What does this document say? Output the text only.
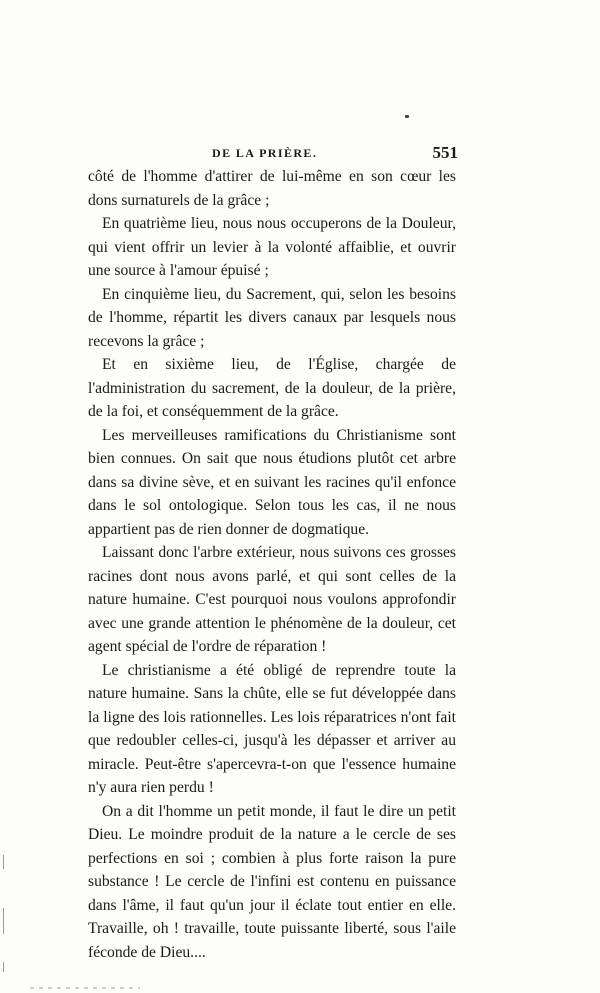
DE LA PRIÈRE.	551

côté de l'homme d'attirer de lui-même en son cœur les dons surnaturels de la grâce ;

En quatrième lieu, nous nous occuperons de la Douleur, qui vient offrir un levier à la volonté affaiblie, et ouvrir une source à l'amour épuisé ;

En cinquième lieu, du Sacrement, qui, selon les besoins de l'homme, répartit les divers canaux par lesquels nous recevons la grâce ;

Et en sixième lieu, de l'Église, chargée de l'administration du sacrement, de la douleur, de la prière, de la foi, et conséquemment de la grâce.

Les merveilleuses ramifications du Christianisme sont bien connues. On sait que nous étudions plutôt cet arbre dans sa divine sève, et en suivant les racines qu'il enfonce dans le sol ontologique. Selon tous les cas, il ne nous appartient pas de rien donner de dogmatique.

Laissant donc l'arbre extérieur, nous suivons ces grosses racines dont nous avons parlé, et qui sont celles de la nature humaine. C'est pourquoi nous voulons approfondir avec une grande attention le phénomène de la douleur, cet agent spécial de l'ordre de réparation !

Le christianisme a été obligé de reprendre toute la nature humaine. Sans la chûte, elle se fut développée dans la ligne des lois rationnelles. Les lois réparatrices n'ont fait que redoubler celles-ci, jusqu'à les dépasser et arriver au miracle. Peut-être s'apercevra-t-on que l'essence humaine n'y aura rien perdu !

On a dit l'homme un petit monde, il faut le dire un petit Dieu. Le moindre produit de la nature a le cercle de ses perfections en soi ; combien à plus forte raison la pure substance ! Le cercle de l'infini est contenu en puissance dans l'âme, il faut qu'un jour il éclate tout entier en elle. Travaille, oh ! travaille, toute puissante liberté, sous l'aile féconde de Dieu....
